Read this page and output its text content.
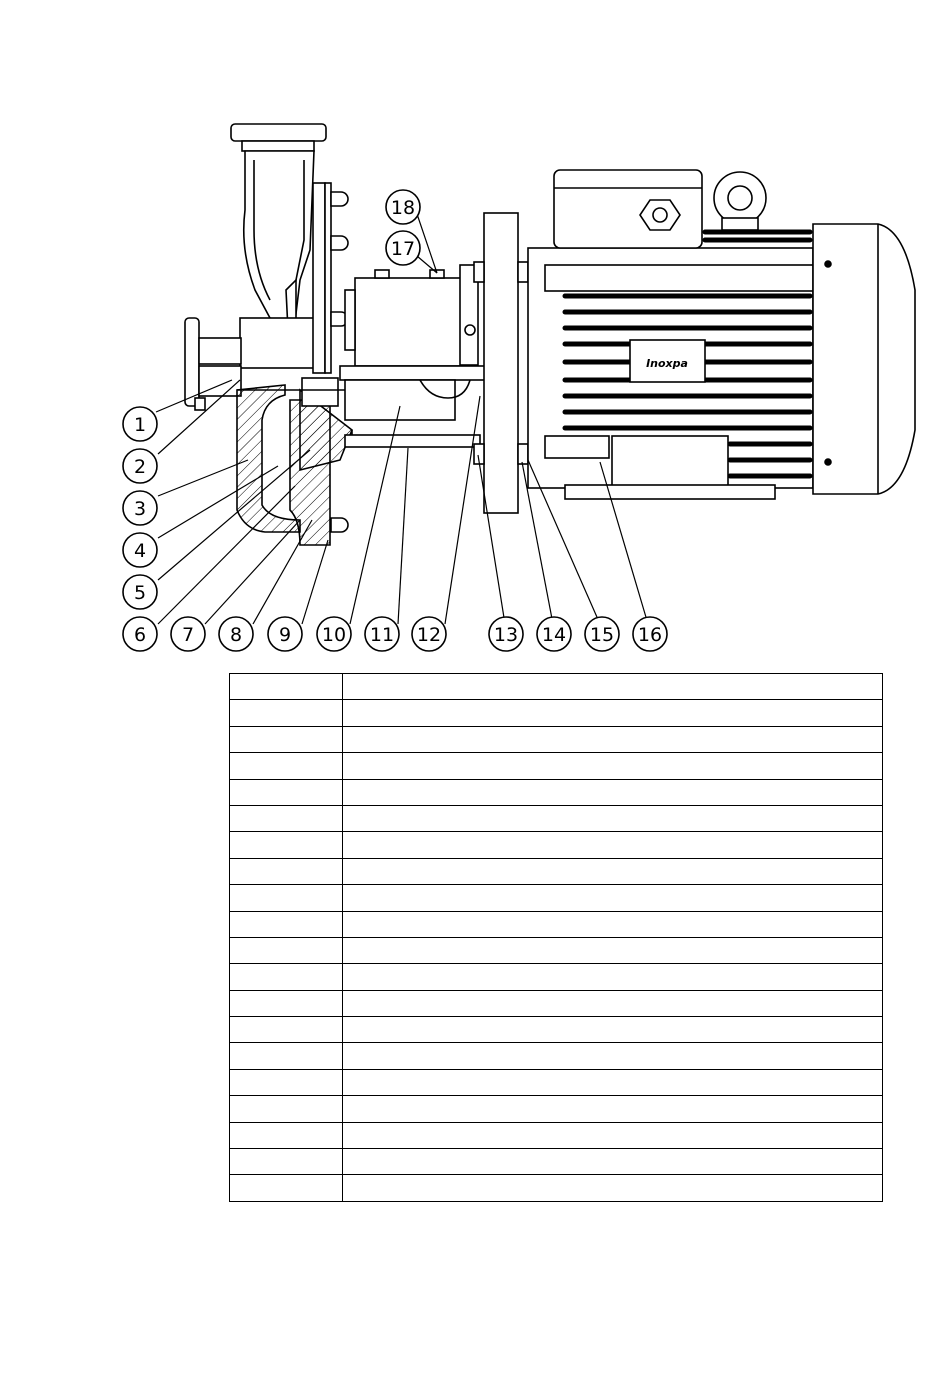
Inoxpa
1
2
3
4
5
6 7 8 9 10 11 12	13 14 15 16
17
18
